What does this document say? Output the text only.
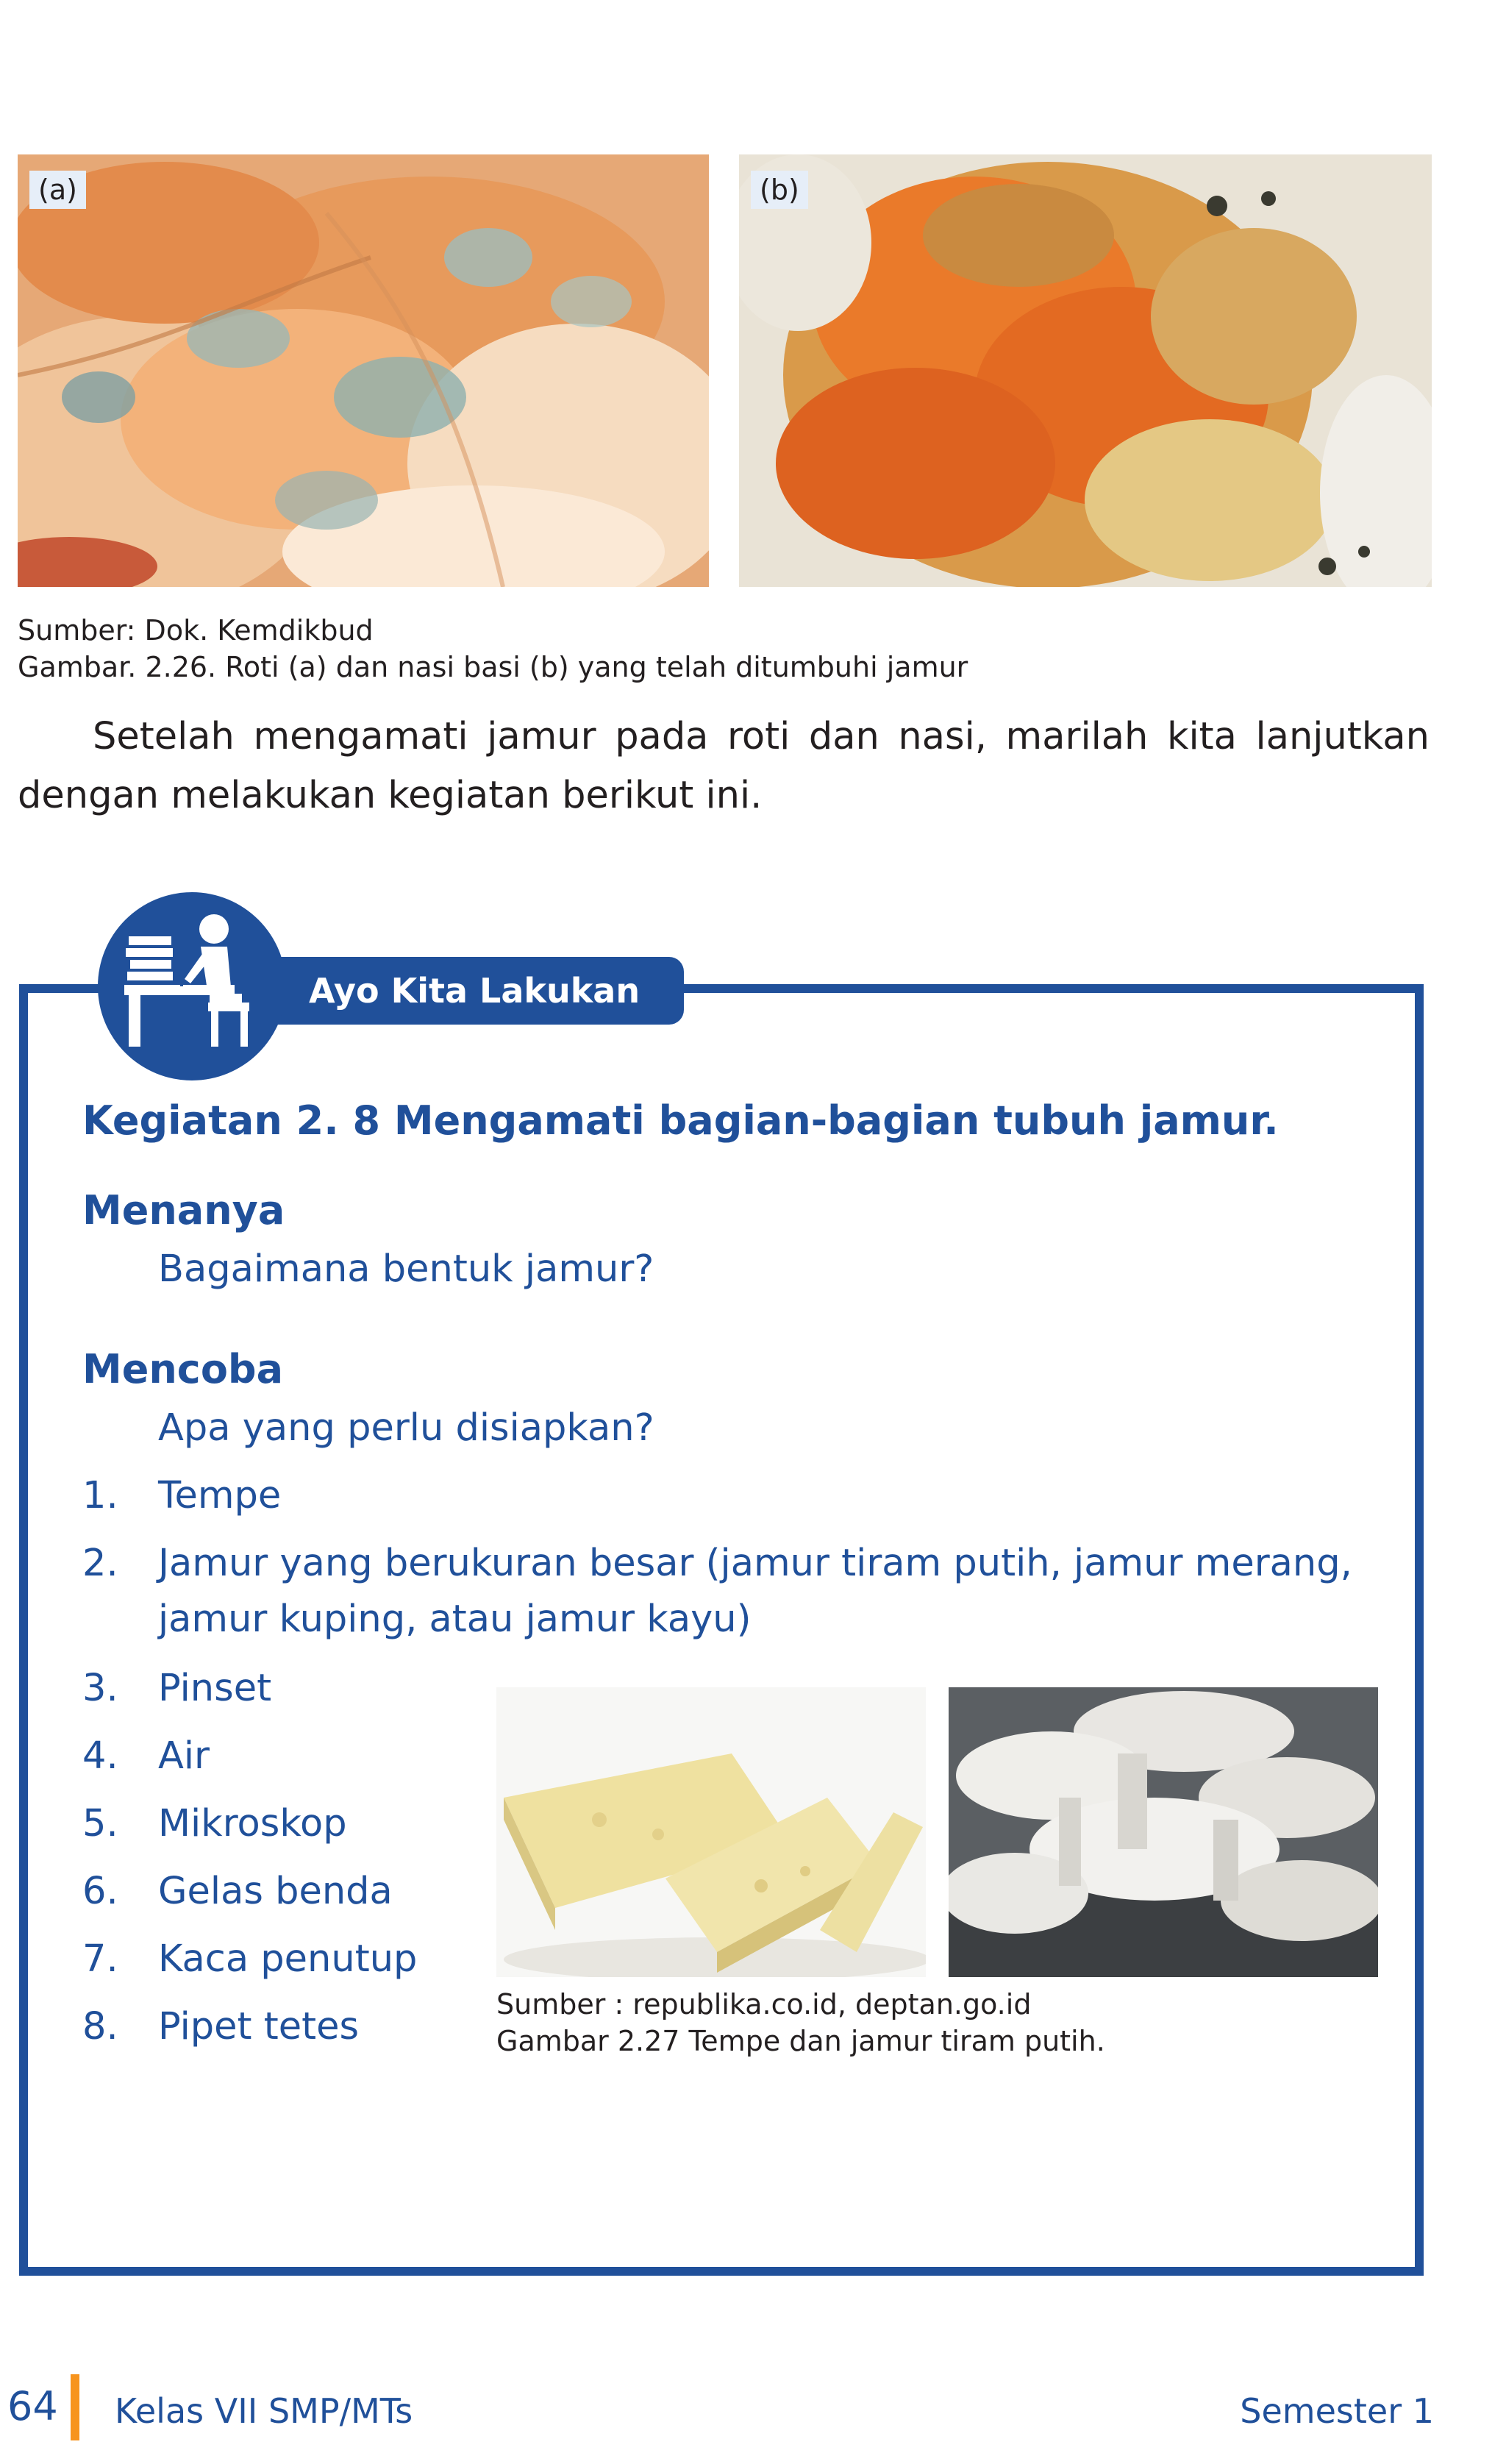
(a)	(b)
Sumber: Dok. Kemdikbud
Gambar. 2.26. Roti (a) dan nasi basi (b) yang telah ditumbuhi jamur
Setelah mengamati jamur pada roti dan nasi, marilah kita lanjutkan dengan melakukan kegiatan berikut ini.
Ayo Kita Lakukan
Kegiatan 2. 8 Mengamati bagian-bagian tubuh jamur.
Menanya
Bagaimana bentuk jamur?
Mencoba
Apa yang perlu disiapkan?
1.	Tempe
2.	Jamur yang berukuran besar (jamur tiram putih, jamur merang, jamur kuping, atau jamur kayu)
3.	Pinset
4.	Air
5.	Mikroskop
6.	Gelas benda
7.	Kaca penutup
8.	Pipet tetes
Sumber : republika.co.id, deptan.go.id
Gambar 2.27 Tempe dan jamur tiram putih.
64 Kelas VII SMP/MTs	Semester 1
